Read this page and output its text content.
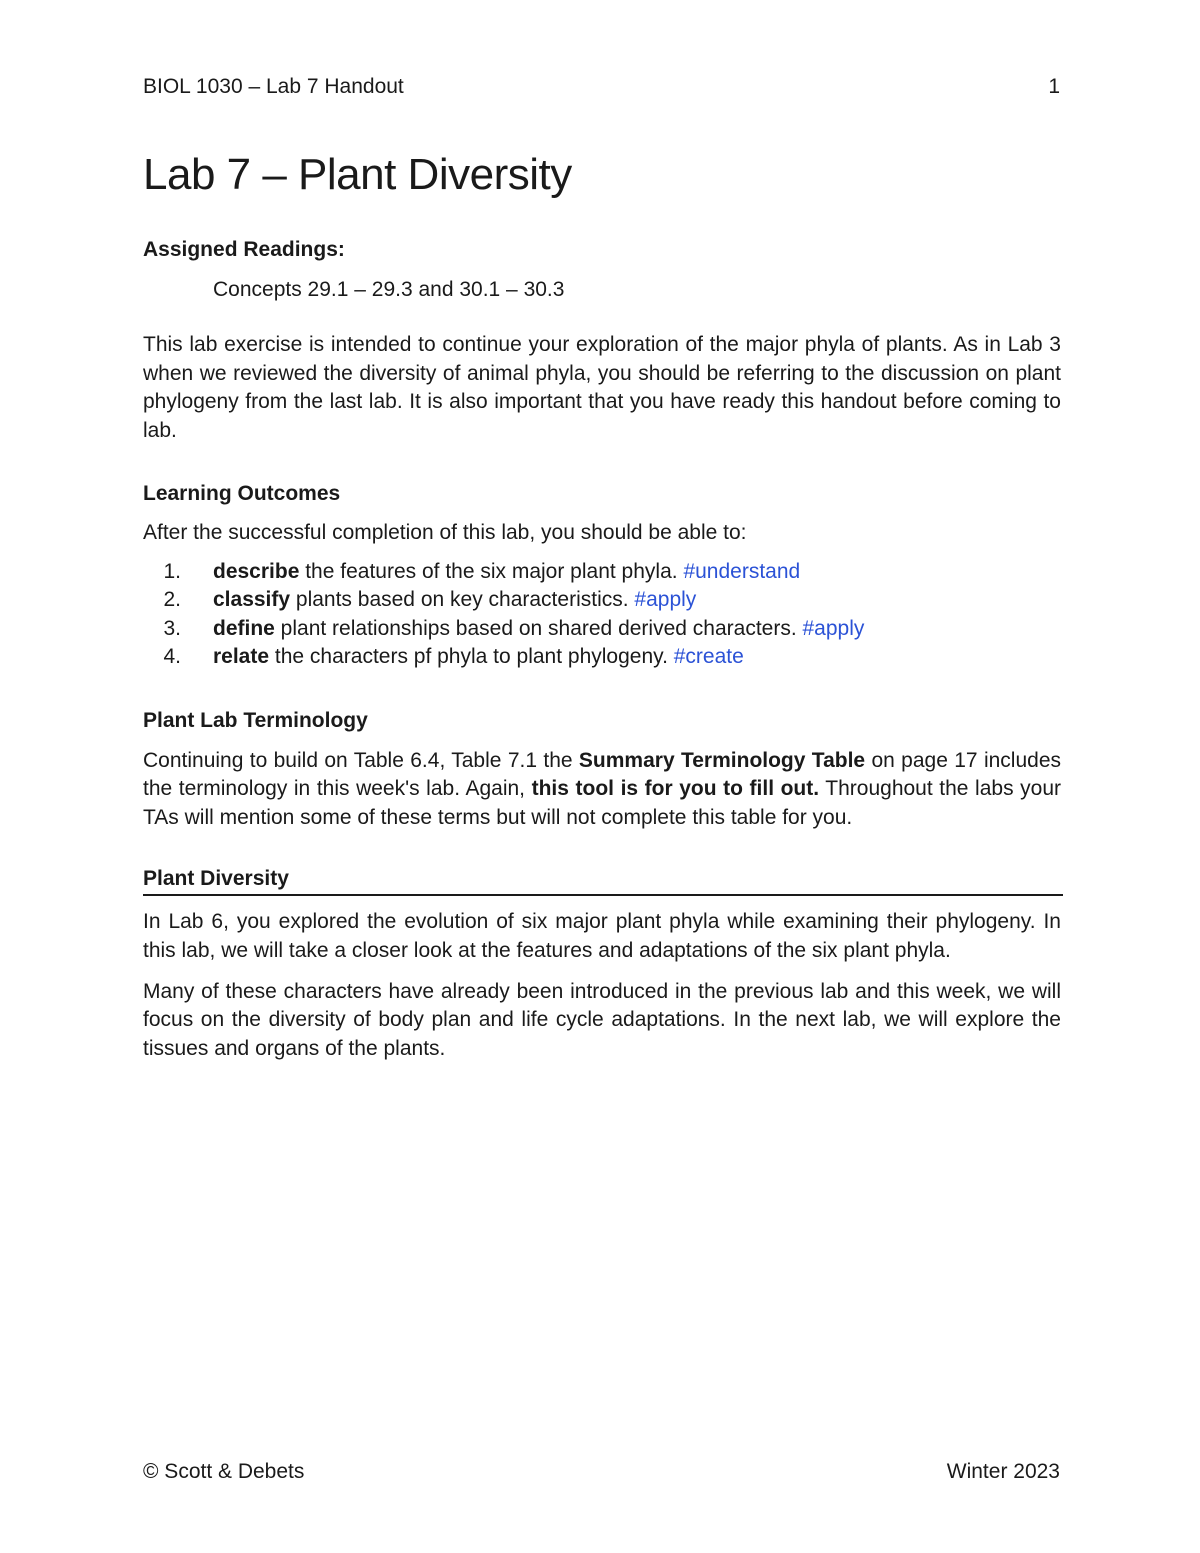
BIOL 1030 – Lab 7 Handout	1
Lab 7 – Plant Diversity

Assigned Readings:

Concepts 29.1 – 29.3 and 30.1 – 30.3

This lab exercise is intended to continue your exploration of the major phyla of plants. As in Lab 3 when we reviewed the diversity of animal phyla, you should be referring to the discussion on plant phylogeny from the last lab. It is also important that you have ready this handout before coming to lab.

Learning Outcomes

After the successful completion of this lab, you should be able to:

1.	describe the features of the six major plant phyla. #understand
2.	classify plants based on key characteristics. #apply
3.	define plant relationships based on shared derived characters. #apply
4.	relate the characters pf phyla to plant phylogeny. #create

Plant Lab Terminology

Continuing to build on Table 6.4, Table 7.1 the Summary Terminology Table on page 17 includes the terminology in this week's lab. Again, this tool is for you to fill out. Throughout the labs your TAs will mention some of these terms but will not complete this table for you.

Plant Diversity

In Lab 6, you explored the evolution of six major plant phyla while examining their phylogeny. In this lab, we will take a closer look at the features and adaptations of the six plant phyla.

Many of these characters have already been introduced in the previous lab and this week, we will focus on the diversity of body plan and life cycle adaptations. In the next lab, we will explore the tissues and organs of the plants.

© Scott & Debets	Winter 2023
